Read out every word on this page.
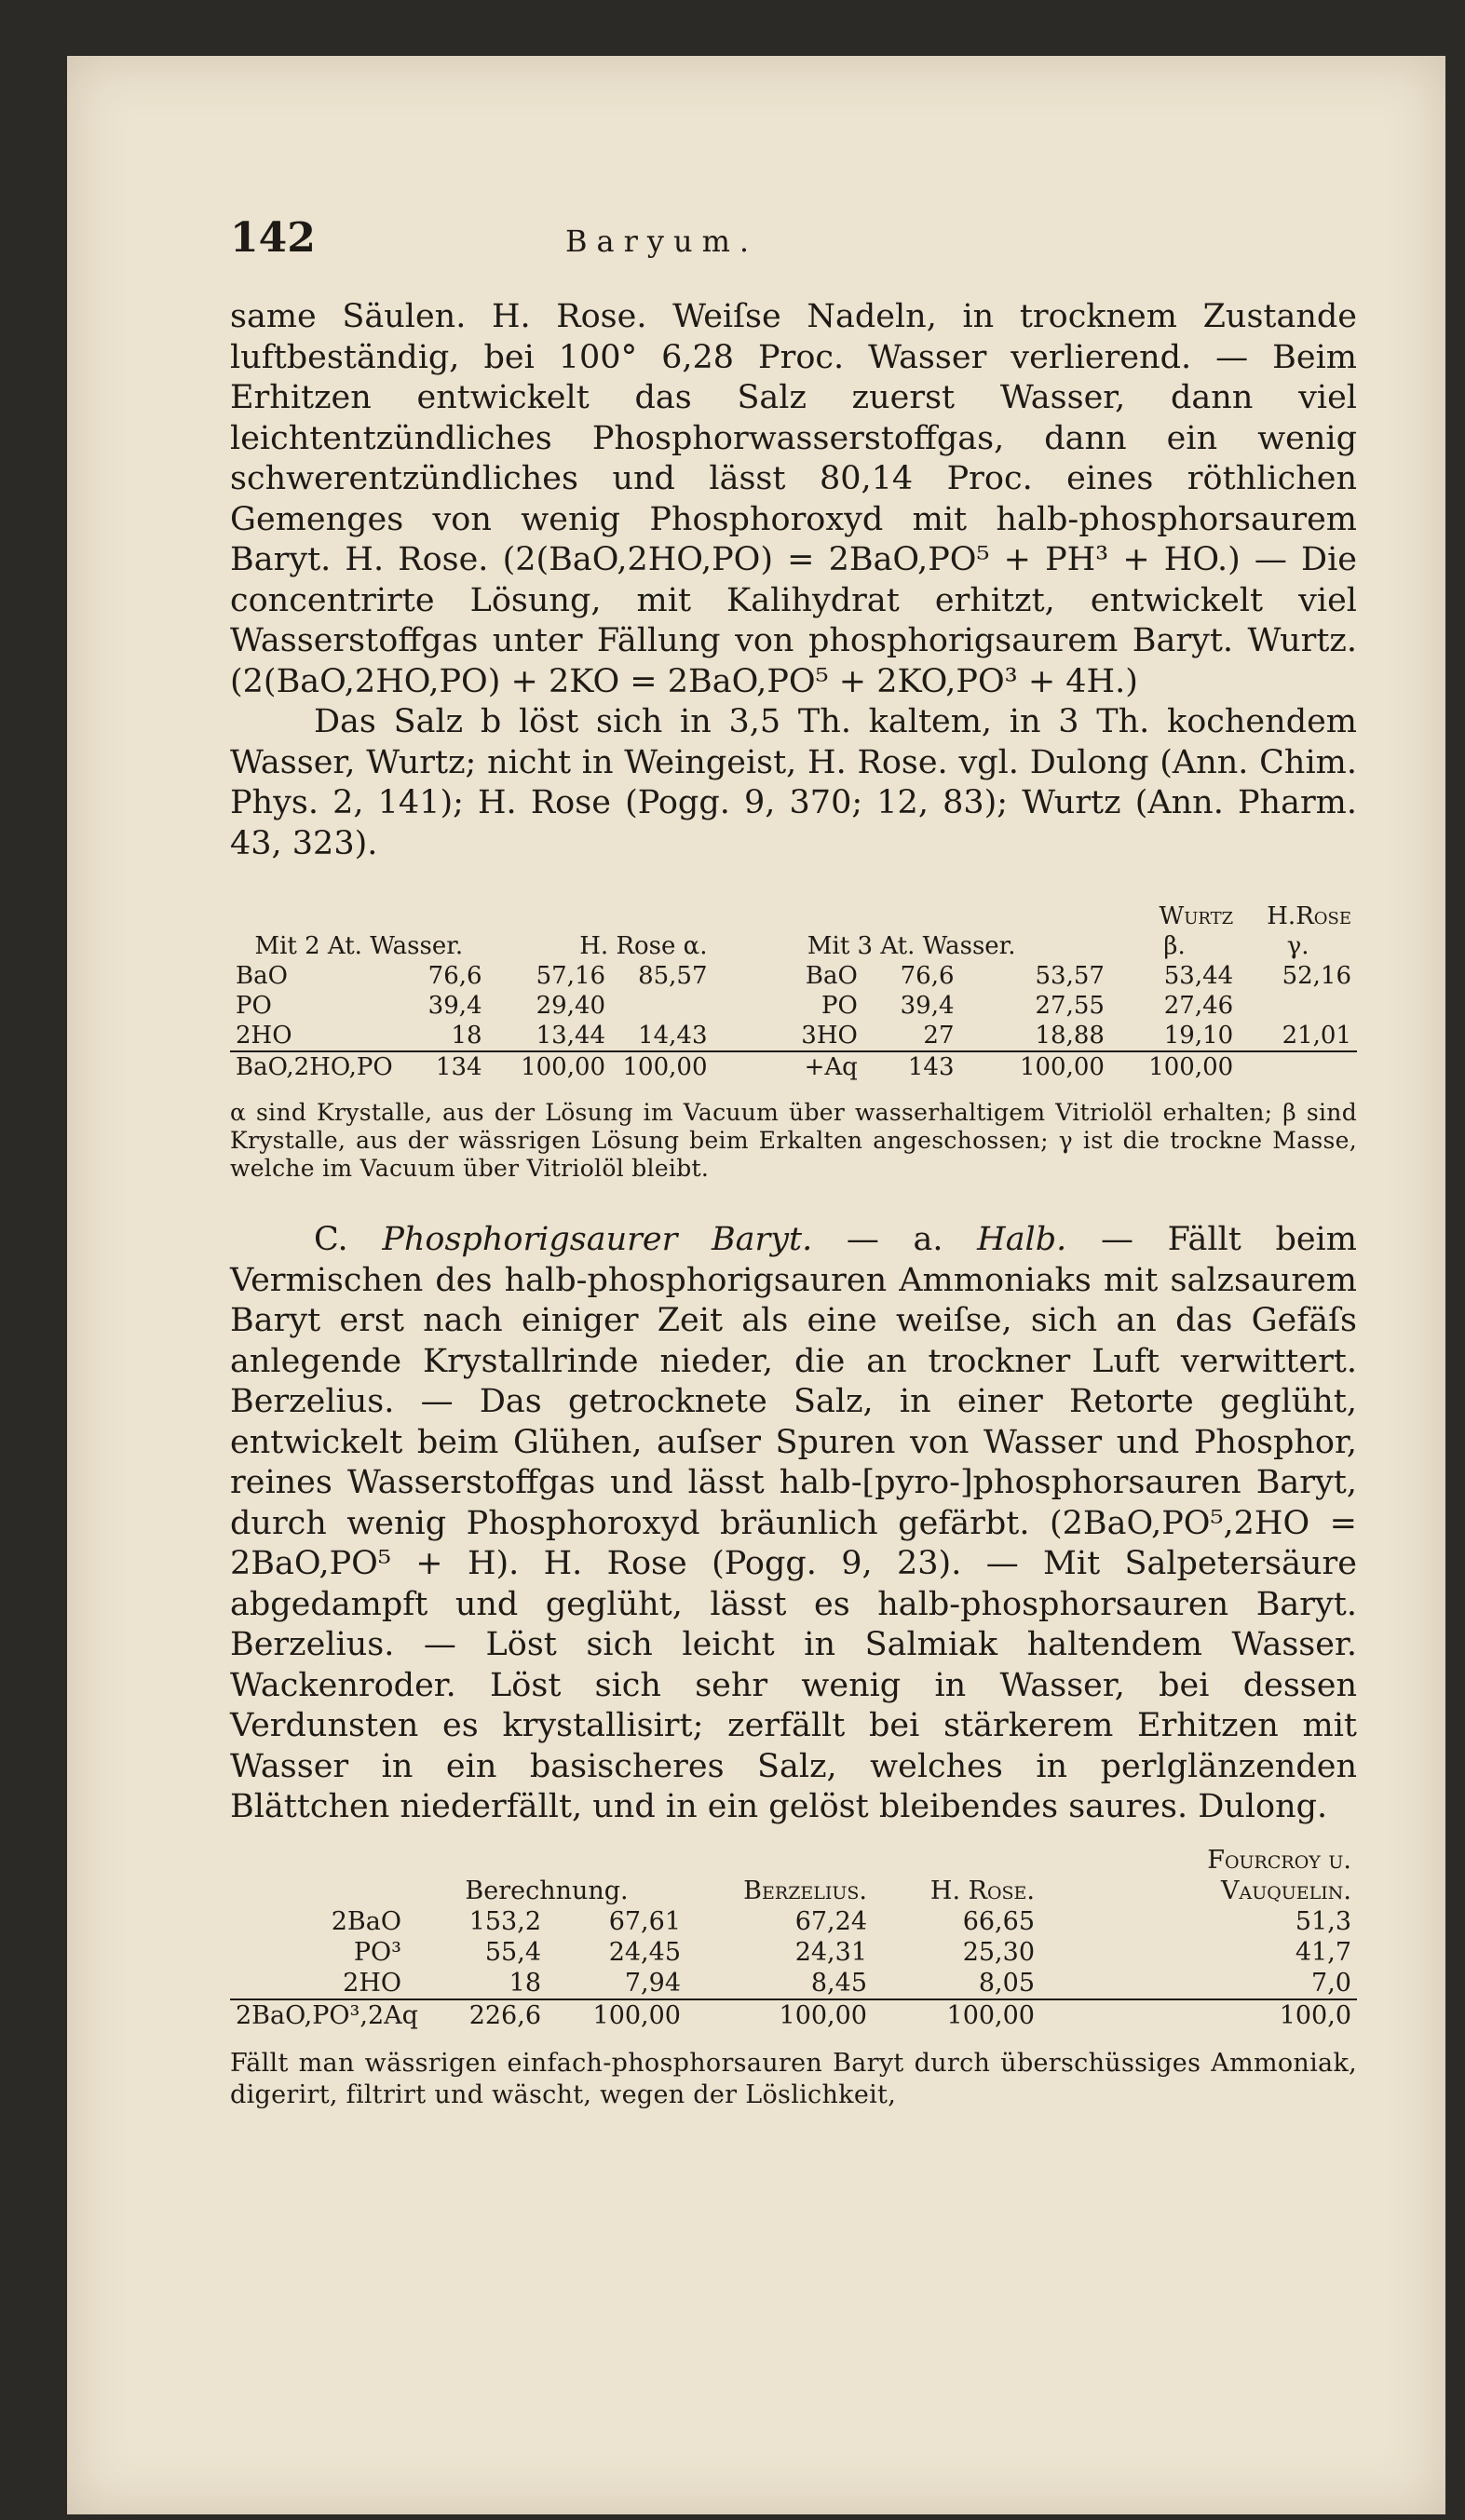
142	Baryum.

same Säulen. H. Rose. Weiſse Nadeln, in trocknem Zustande luftbeständig, bei 100° 6,28 Proc. Wasser verlierend. — Beim Erhitzen entwickelt das Salz zuerst Wasser, dann viel leichtentzündliches Phosphorwasserstoffgas, dann ein wenig schwerentzündliches und lässt 80,14 Proc. eines röthlichen Gemenges von wenig Phosphoroxyd mit halb-phosphorsaurem Baryt. H. Rose. (2(BaO,2HO,PO) = 2BaO,PO⁵ + PH³ + HO.) — Die concentrirte Lösung, mit Kalihydrat erhitzt, entwickelt viel Wasserstoffgas unter Fällung von phosphorigsaurem Baryt. Wurtz. (2(BaO,2HO,PO) + 2KO = 2BaO,PO⁵ + 2KO,PO³ + 4H.)

Das Salz b löst sich in 3,5 Th. kaltem, in 3 Th. kochendem Wasser, Wurtz; nicht in Weingeist, H. Rose. vgl. Dulong (Ann. Chim. Phys. 2, 141); H. Rose (Pogg. 9, 370; 12, 83); Wurtz (Ann. Pharm. 43, 323).

							Wurtz	H.Rose
Mit 2 At. Wasser.		H. Rose α.		Mit 3 At. Wasser.			β.	γ.
BaO	76,6	57,16	85,57	BaO	76,6	53,57	53,44	52,16
PO	39,4	29,40		PO	39,4	27,55	27,46	
2HO	18	13,44	14,43	3HO	27	18,88	19,10	21,01
BaO,2HO,PO	134	100,00	100,00	+Aq	143	100,00	100,00	

α sind Krystalle, aus der Lösung im Vacuum über wasserhaltigem Vitriolöl erhalten; β sind Krystalle, aus der wässrigen Lösung beim Erkalten angeschossen; γ ist die trockne Masse, welche im Vacuum über Vitriolöl bleibt.

C. Phosphorigsaurer Baryt. — a. Halb. — Fällt beim Vermischen des halb-phosphorigsauren Ammoniaks mit salzsaurem Baryt erst nach einiger Zeit als eine weiſse, sich an das Gefäſs anlegende Krystallrinde nieder, die an trockner Luft verwittert. Berzelius. — Das getrocknete Salz, in einer Retorte geglüht, entwickelt beim Glühen, auſser Spuren von Wasser und Phosphor, reines Wasserstoffgas und lässt halb-[pyro-]phosphorsauren Baryt, durch wenig Phosphoroxyd bräunlich gefärbt. (2BaO,PO⁵,2HO = 2BaO,PO⁵ + H). H. Rose (Pogg. 9, 23). — Mit Salpetersäure abgedampft und geglüht, lässt es halb-phosphorsauren Baryt. Berzelius. — Löst sich leicht in Salmiak haltendem Wasser. Wackenroder. Löst sich sehr wenig in Wasser, bei dessen Verdunsten es krystallisirt; zerfällt bei stärkerem Erhitzen mit Wasser in ein basischeres Salz, welches in perlglänzenden Blättchen niederfällt, und in ein gelöst bleibendes saures. Dulong.

						Fourcroy u.
	Berechnung.		Berzelius.	H. Rose.		Vauquelin.
2BaO	153,2	67,61	67,24	66,65		51,3
PO³	55,4	24,45	24,31	25,30		41,7
2HO	18	7,94	8,45	8,05		7,0
2BaO,PO³,2Aq	226,6	100,00	100,00	100,00		100,0

Fällt man wässrigen einfach-phosphorsauren Baryt durch überschüssiges Ammoniak, digerirt, filtrirt und wäscht, wegen der Löslichkeit,
